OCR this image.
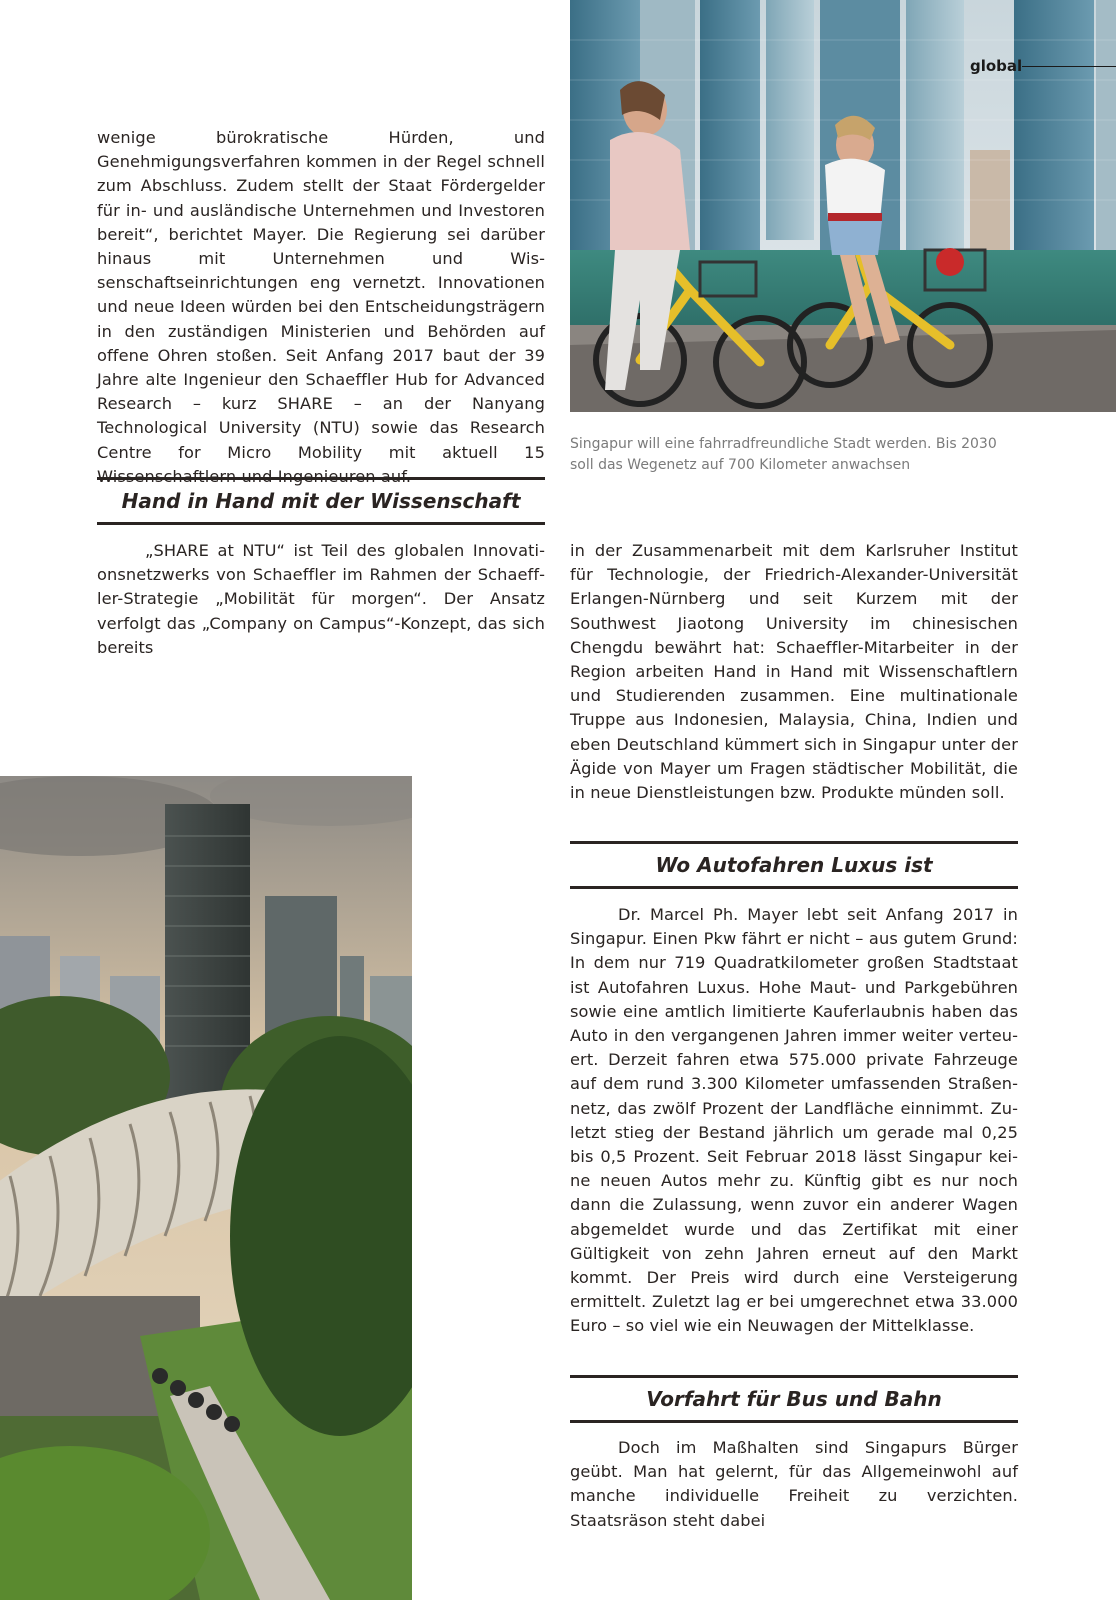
global

wenige bürokratische Hürden, und Genehmigungsverfahren kommen in der Regel schnell zum Abschluss. Zudem stellt der Staat Fördergelder für in- und ausländische Unternehmen und Investoren bereit“, berichtet Mayer. Die Regierung sei darüber hinaus mit Unternehmen und Wissenschaftseinrichtungen eng vernetzt. Innovationen und neue Ideen würden bei den Entscheidungsträgern in den zuständigen Ministerien und Behörden auf offene Ohren stoßen. Seit Anfang 2017 baut der 39 Jahre alte Ingenieur den Schaeffler Hub for Advanced Research – kurz SHARE – an der Nanyang Technological University (NTU) sowie das Research Centre for Micro Mobility mit aktuell 15 Wissenschaftlern und Ingenieuren auf.

Singapur will eine fahrradfreundliche Stadt werden. Bis 2030 soll das Wegenetz auf 700 Kilometer anwachsen

Hand in Hand mit der Wissenschaft

„SHARE at NTU“ ist Teil des globalen Innovationsnetzwerks von Schaeffler im Rahmen der Schaeffler-Strategie „Mobilität für morgen“. Der Ansatz verfolgt das „Company on Campus“-Konzept, das sich bereits

in der Zusammenarbeit mit dem Karlsruher Institut für Technologie, der Friedrich-Alexander-Universität Erlangen-Nürnberg und seit Kurzem mit der Southwest Jiaotong University im chinesischen Chengdu bewährt hat: Schaeffler-Mitarbeiter in der Region arbeiten Hand in Hand mit Wissenschaftlern und Studierenden zusammen. Eine multinationale Truppe aus Indonesien, Malaysia, China, Indien und eben Deutschland kümmert sich in Singapur unter der Ägide von Mayer um Fragen städtischer Mobilität, die in neue Dienstleistungen bzw. Produkte münden soll.

Wo Autofahren Luxus ist

Dr. Marcel Ph. Mayer lebt seit Anfang 2017 in Singapur. Einen Pkw fährt er nicht – aus gutem Grund: In dem nur 719 Quadratkilometer großen Stadtstaat ist Autofahren Luxus. Hohe Maut- und Parkgebühren sowie eine amtlich limitierte Kauferlaubnis haben das Auto in den vergangenen Jahren immer weiter verteuert. Derzeit fahren etwa 575.000 private Fahrzeuge auf dem rund 3.300 Kilometer umfassenden Straßennetz, das zwölf Prozent der Landfläche einnimmt. Zuletzt stieg der Bestand jährlich um gerade mal 0,25 bis 0,5 Prozent. Seit Februar 2018 lässt Singapur keine neuen Autos mehr zu. Künftig gibt es nur noch dann die Zulassung, wenn zuvor ein anderer Wagen abgemeldet wurde und das Zertifikat mit einer Gültigkeit von zehn Jahren erneut auf den Markt kommt. Der Preis wird durch eine Versteigerung ermittelt. Zuletzt lag er bei umgerechnet etwa 33.000 Euro – so viel wie ein Neuwagen der Mittelklasse.

Vorfahrt für Bus und Bahn

Doch im Maßhalten sind Singapurs Bürger geübt. Man hat gelernt, für das Allgemeinwohl auf manche individuelle Freiheit zu verzichten. Staatsräson steht dabei
